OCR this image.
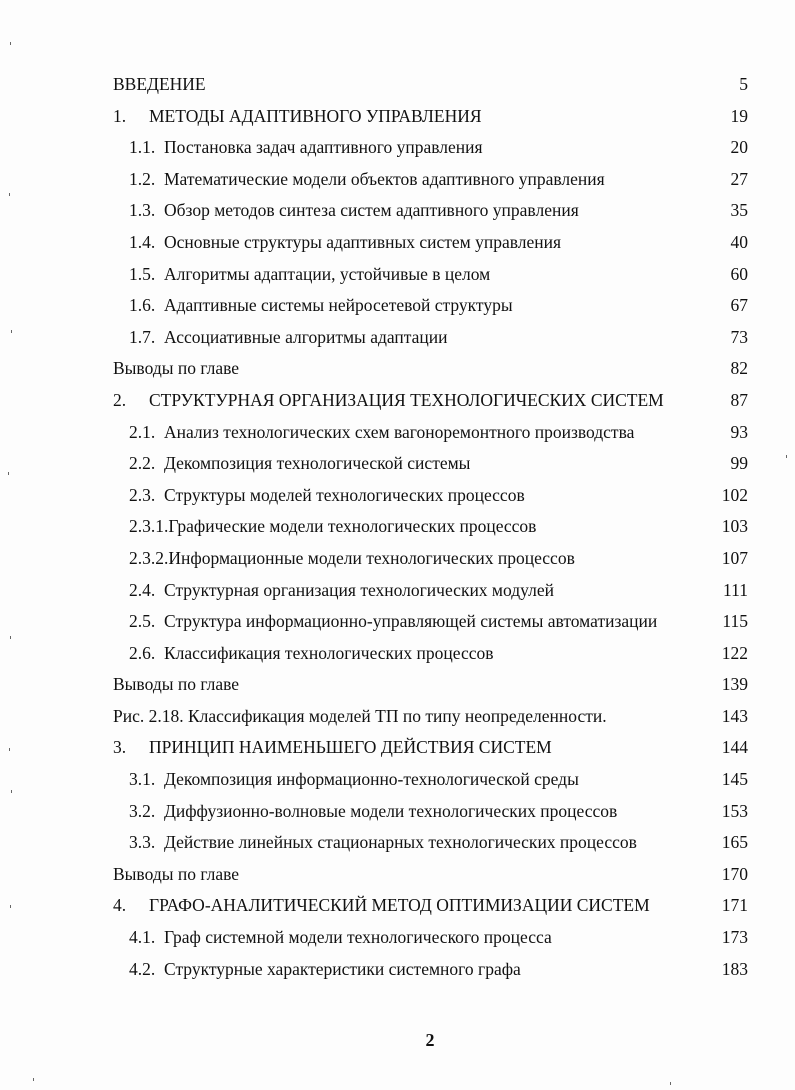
ВВЕДЕНИЕ	5
1. МЕТОДЫ АДАПТИВНОГО УПРАВЛЕНИЯ	19
1.1. Постановка задач адаптивного управления	20
1.2. Математические модели объектов адаптивного управления	27
1.3. Обзор методов синтеза систем адаптивного управления	35
1.4. Основные структуры адаптивных систем управления	40
1.5. Алгоритмы адаптации, устойчивые в целом	60
1.6. Адаптивные системы нейросетевой структуры	67
1.7. Ассоциативные алгоритмы адаптации	73
Выводы по главе	82
2. СТРУКТУРНАЯ ОРГАНИЗАЦИЯ ТЕХНОЛОГИЧЕСКИХ СИСТЕМ	87
2.1. Анализ технологических схем вагоноремонтного производства	93
2.2. Декомпозиция технологической системы	99
2.3. Структуры моделей технологических процессов	102
2.3.1.Графические модели технологических процессов	103
2.3.2.Информационные модели технологических процессов	107
2.4. Структурная организация технологических модулей	111
2.5. Структура информационно-управляющей системы автоматизации	115
2.6. Классификация технологических процессов	122
Выводы по главе	139
Рис. 2.18. Классификация моделей ТП по типу неопределенности.	143
3. ПРИНЦИП НАИМЕНЬШЕГО ДЕЙСТВИЯ СИСТЕМ	144
3.1. Декомпозиция информационно-технологической среды	145
3.2. Диффузионно-волновые модели технологических процессов	153
3.3. Действие линейных стационарных технологических процессов	165
Выводы по главе	170
4. ГРАФО-АНАЛИТИЧЕСКИЙ МЕТОД ОПТИМИЗАЦИИ СИСТЕМ	171
4.1. Граф системной модели технологического процесса	173
4.2. Структурные характеристики системного графа	183
2
